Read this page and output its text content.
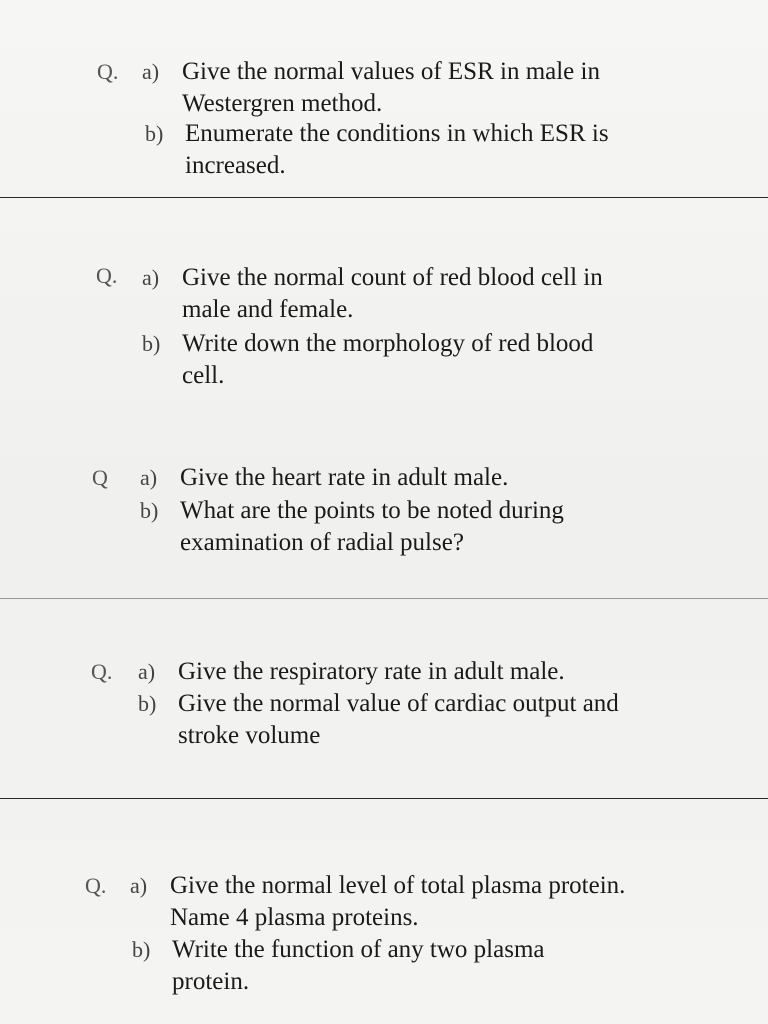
Q. a) Give the normal values of ESR in male in
Westergren method.
b) Enumerate the conditions in which ESR is
increased.
Q. a) Give the normal count of red blood cell in
male and female.
b) Write down the morphology of red blood
cell.
Q a) Give the heart rate in adult male.
b) What are the points to be noted during
examination of radial pulse?
Q. a) Give the respiratory rate in adult male.
b) Give the normal value of cardiac output and
stroke volume
Q. a) Give the normal level of total plasma protein.
Name 4 plasma proteins.
b) Write the function of any two plasma
protein.
